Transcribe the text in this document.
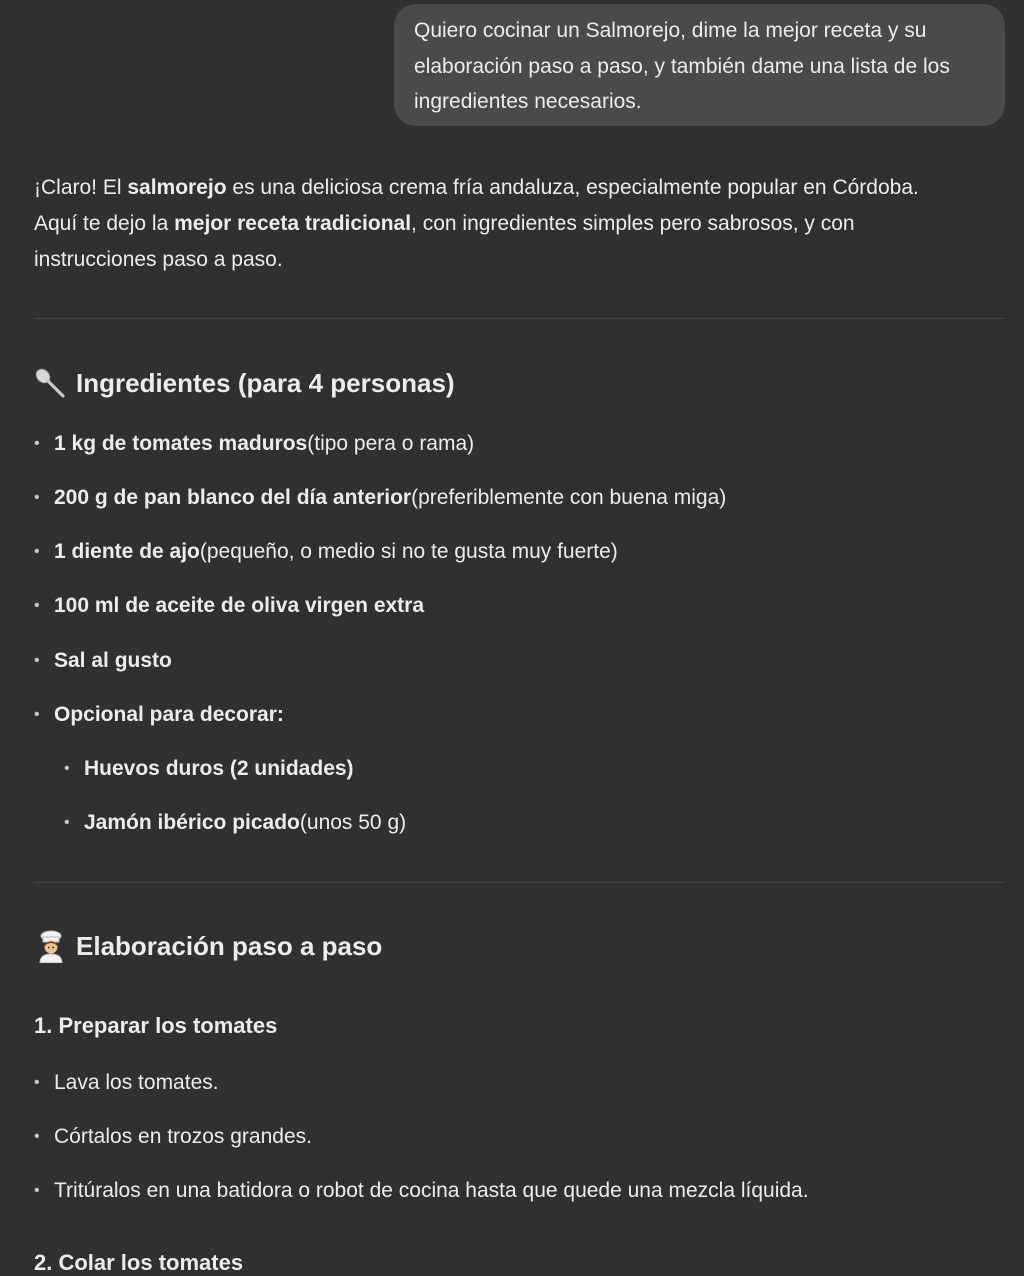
Quiero cocinar un Salmorejo, dime la mejor receta y su
elaboración paso a paso, y también dame una lista de los
ingredientes necesarios.
¡Claro! El salmorejo es una deliciosa crema fría andaluza, especialmente popular en Córdoba.
Aquí te dejo la mejor receta tradicional, con ingredientes simples pero sabrosos, y con
instrucciones paso a paso.
Ingredientes (para 4 personas)
• 1 kg de tomates maduros (tipo pera o rama)
• 200 g de pan blanco del día anterior (preferiblemente con buena miga)
• 1 diente de ajo (pequeño, o medio si no te gusta muy fuerte)
• 100 ml de aceite de oliva virgen extra
• Sal al gusto
• Opcional para decorar:
• Huevos duros (2 unidades)
• Jamón ibérico picado (unos 50 g)
Elaboración paso a paso
1. Preparar los tomates
• Lava los tomates.
• Córtalos en trozos grandes.
• Tritúralos en una batidora o robot de cocina hasta que quede una mezcla líquida.
2. Colar los tomates
